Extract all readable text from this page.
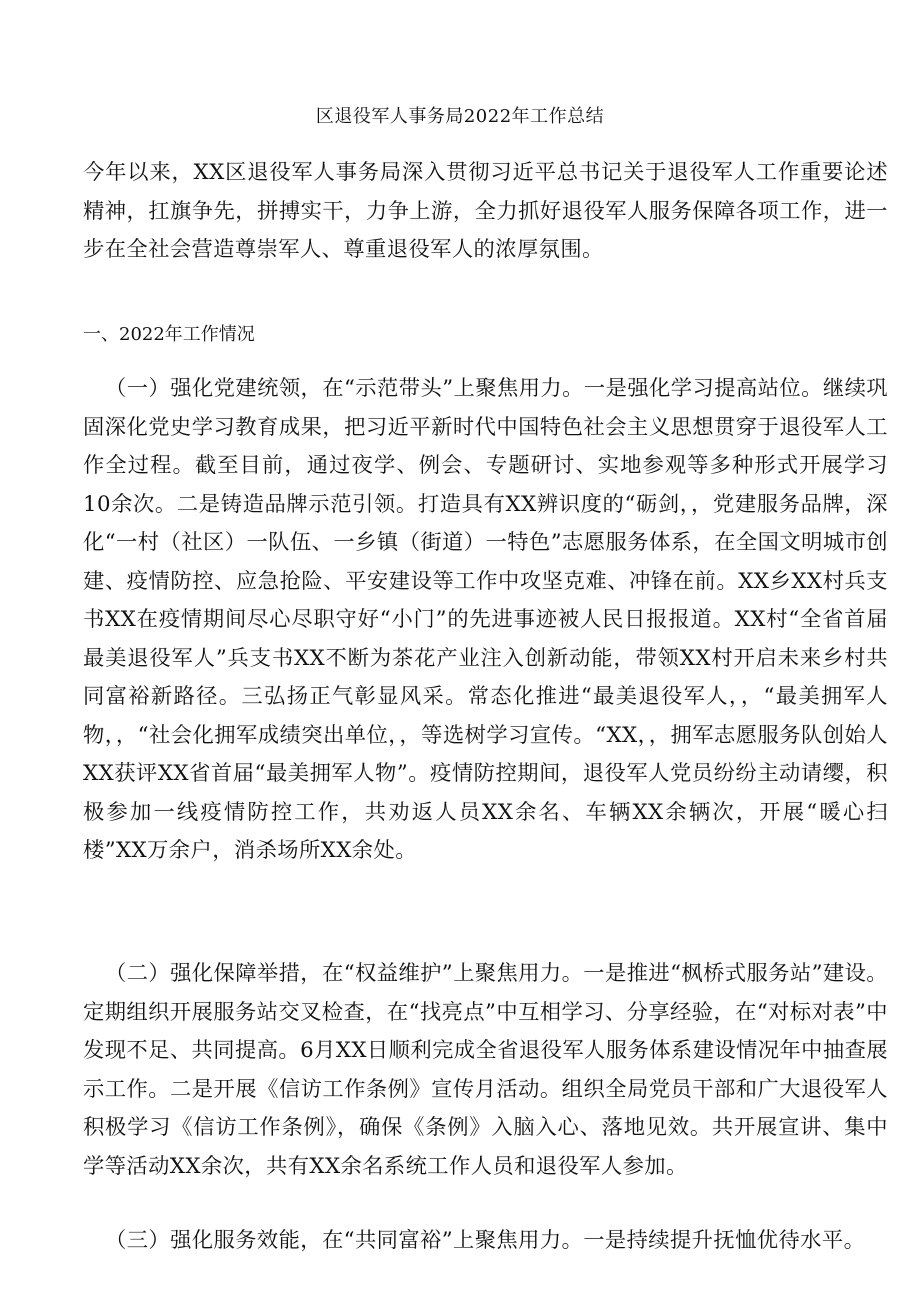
区退役军人事务局2022年工作总结

今年以来，XX区退役军人事务局深入贯彻习近平总书记关于退役军人工作重要论述精神，扛旗争先，拼搏实干，力争上游，全力抓好退役军人服务保障各项工作，进一步在全社会营造尊崇军人、尊重退役军人的浓厚氛围。

一、2022年工作情况

（一）强化党建统领，在“示范带头”上聚焦用力。一是强化学习提高站位。继续巩固深化党史学习教育成果，把习近平新时代中国特色社会主义思想贯穿于退役军人工作全过程。截至目前，通过夜学、例会、专题研讨、实地参观等多种形式开展学习10余次。二是铸造品牌示范引领。打造具有XX辨识度的“砺剑，，党建服务品牌，深化“一村（社区）一队伍、一乡镇（街道）一特色”志愿服务体系，在全国文明城市创建、疫情防控、应急抢险、平安建设等工作中攻坚克难、冲锋在前。XX乡XX村兵支书XX在疫情期间尽心尽职守好“小门”的先进事迹被人民日报报道。XX村“全省首届最美退役军人”兵支书XX不断为茶花产业注入创新动能，带领XX村开启未来乡村共同富裕新路径。三弘扬正气彰显风采。常态化推进“最美退役军人，，“最美拥军人物，，“社会化拥军成绩突出单位，，等选树学习宣传。“XX，，拥军志愿服务队创始人XX获评XX省首届“最美拥军人物”。疫情防控期间，退役军人党员纷纷主动请缨，积极参加一线疫情防控工作，共劝返人员XX余名、车辆XX余辆次，开展“暖心扫楼”XX万余户，消杀场所XX余处。

（二）强化保障举措，在“权益维护”上聚焦用力。一是推进“枫桥式服务站”建设。定期组织开展服务站交叉检查，在“找亮点”中互相学习、分享经验，在“对标对表”中发现不足、共同提高。6月XX日顺利完成全省退役军人服务体系建设情况年中抽查展示工作。二是开展《信访工作条例》宣传月活动。组织全局党员干部和广大退役军人积极学习《信访工作条例》，确保《条例》入脑入心、落地见效。共开展宣讲、集中学等活动XX余次，共有XX余名系统工作人员和退役军人参加。

（三）强化服务效能，在“共同富裕”上聚焦用力。一是持续提升抚恤优待水平。
